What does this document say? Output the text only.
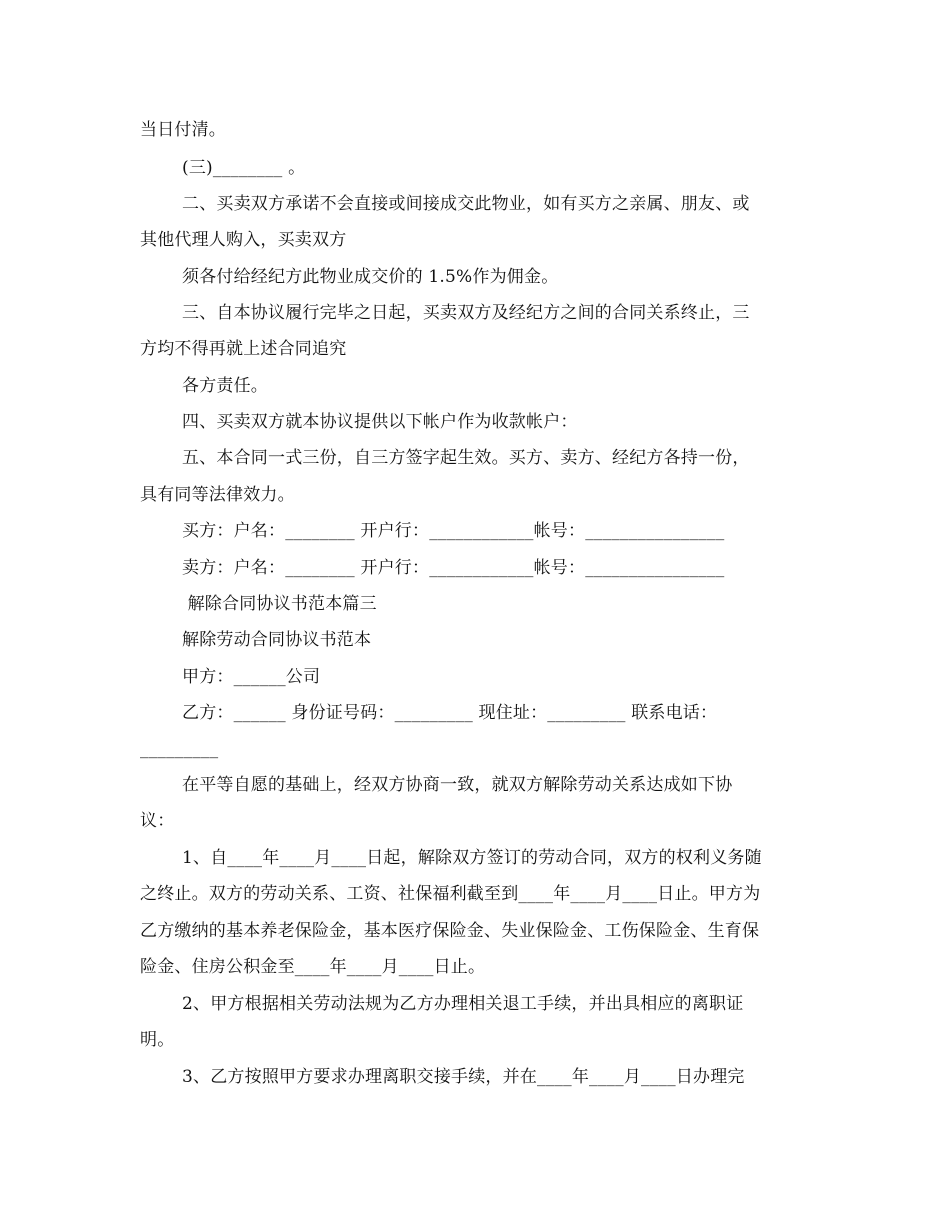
当日付清。
(三)________ 。
二、买卖双方承诺不会直接或间接成交此物业，如有买方之亲属、朋友、或
其他代理人购入，买卖双方
须各付给经纪方此物业成交价的 1.5%作为佣金。
三、自本协议履行完毕之日起，买卖双方及经纪方之间的合同关系终止，三
方均不得再就上述合同追究
各方责任。
四、买卖双方就本协议提供以下帐户作为收款帐户：
五、本合同一式三份，自三方签字起生效。买方、卖方、经纪方各持一份，
具有同等法律效力。
买方：户名：________ 开户行：____________帐号：________________
卖方：户名：________ 开户行：____________帐号：________________
解除合同协议书范本篇三
解除劳动合同协议书范本
甲方：______公司
乙方：______ 身份证号码：_________ 现住址：_________ 联系电话：
_________
在平等自愿的基础上，经双方协商一致，就双方解除劳动关系达成如下协
议：
1、自____年____月____日起，解除双方签订的劳动合同，双方的权利义务随
之终止。双方的劳动关系、工资、社保福利截至到____年____月____日止。甲方为
乙方缴纳的基本养老保险金，基本医疗保险金、失业保险金、工伤保险金、生育保
险金、住房公积金至____年____月____日止。
2、甲方根据相关劳动法规为乙方办理相关退工手续，并出具相应的离职证
明。
3、乙方按照甲方要求办理离职交接手续，并在____年____月____日办理完
